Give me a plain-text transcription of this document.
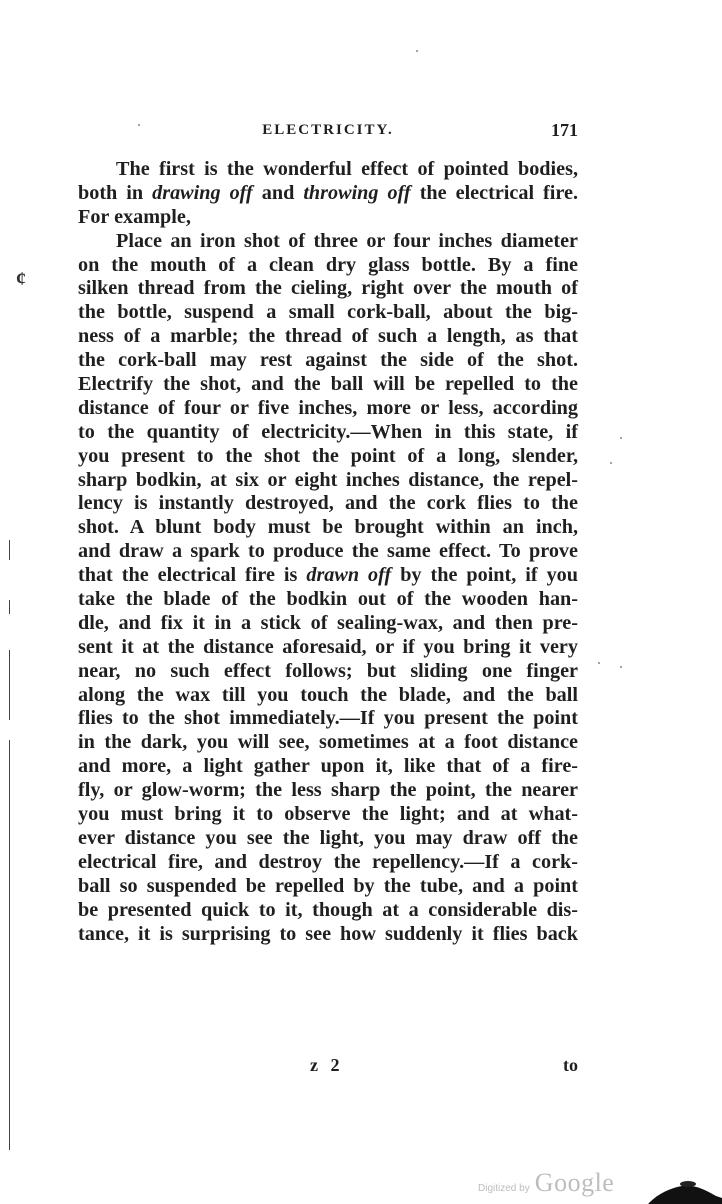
ELECTRICITY.	171
The first is the wonderful effect of pointed bodies,
both in drawing off and throwing off the electrical fire.
For example,
Place an iron shot of three or four inches diameter
on the mouth of a clean dry glass bottle. By a fine
silken thread from the cieling, right over the mouth of
the bottle, suspend a small cork-ball, about the big-
ness of a marble; the thread of such a length, as that
the cork-ball may rest against the side of the shot.
Electrify the shot, and the ball will be repelled to the
distance of four or five inches, more or less, according
to the quantity of electricity.—When in this state, if
you present to the shot the point of a long, slender,
sharp bodkin, at six or eight inches distance, the repel-
lency is instantly destroyed, and the cork flies to the
shot. A blunt body must be brought within an inch,
and draw a spark to produce the same effect. To prove
that the electrical fire is drawn off by the point, if you
take the blade of the bodkin out of the wooden han-
dle, and fix it in a stick of sealing-wax, and then pre-
sent it at the distance aforesaid, or if you bring it very
near, no such effect follows; but sliding one finger
along the wax till you touch the blade, and the ball
flies to the shot immediately.—If you present the point
in the dark, you will see, sometimes at a foot distance
and more, a light gather upon it, like that of a fire-
fly, or glow-worm; the less sharp the point, the nearer
you must bring it to observe the light; and at what-
ever distance you see the light, you may draw off the
electrical fire, and destroy the repellency.—If a cork-
ball so suspended be repelled by the tube, and a point
be presented quick to it, though at a considerable dis-
tance, it is surprising to see how suddenly it flies back
z 2	to
¢
Digitized by Google
